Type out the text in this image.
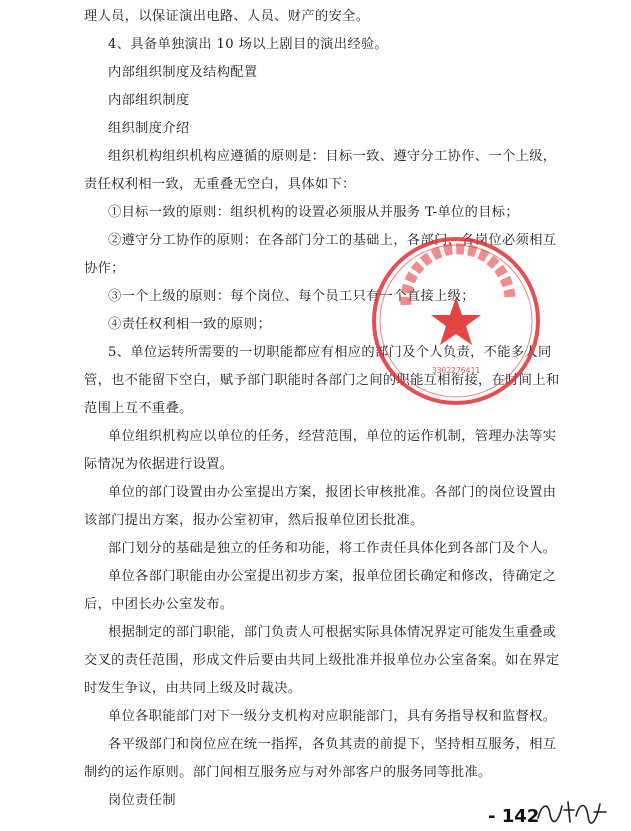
理人员，以保证演出电路、人员、财产的安全。
4、具备单独演出 10 场以上剧目的演出经验。
内部组织制度及结构配置
内部组织制度
组织制度介绍
组织机构组织机构应遵循的原则是：目标一致、遵守分工协作、一个上级，
责任权利相一致，无重叠无空白，具体如下：
①目标一致的原则：组织机构的设置必须服从并服务 T-单位的目标；
②遵守分工协作的原则：在各部门分工的基础上，各部门、各岗位必须相互
协作；
③一个上级的原则：每个岗位、每个员工只有一个直接上级；
④责任权利相一致的原则；
5、单位运转所需要的一切职能都应有相应的部门及个人负责，不能多人同
管，也不能留下空白，赋予部门职能时各部门之间的职能互相衔接，在时间上和
范围上互不重叠。
单位组织机构应以单位的任务，经营范围，单位的运作机制，管理办法等实
际情况为依据进行设置。
单位的部门设置由办公室提出方案，报团长审核批准。各部门的岗位设置由
该部门提出方案，报办公室初审，然后报单位团长批准。
部门划分的基础是独立的任务和功能，将工作责任具体化到各部门及个人。
单位各部门职能由办公室提出初步方案，报单位团长确定和修改，待确定之
后，中团长办公室发布。
根据制定的部门职能，部门负责人可根据实际具体情况界定可能发生重叠或
交叉的责任范围，形成文件后要由共同上级批准并报单位办公室备案。如在界定
时发生争议，由共同上级及时裁决。
单位各职能部门对下一级分支机构对应职能部门，具有务指导权和监督权。
各平级部门和岗位应在统一指挥，各负其责的前提下，坚持相互服务，相互
制约的运作原则。部门间相互服务应与对外部客户的服务同等批准。
岗位责任制
3302276411
- 142
